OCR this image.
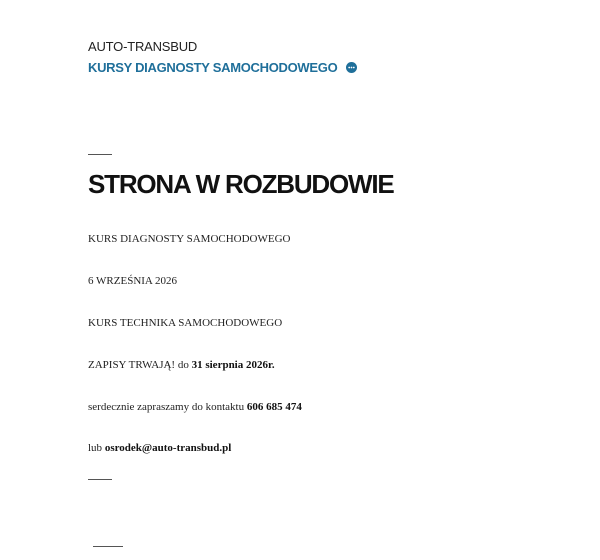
AUTO-TRANSBUD
KURSY DIAGNOSTY SAMOCHODOWEGO
STRONA W ROZBUDOWIE

KURS DIAGNOSTY SAMOCHODOWEGO

6 WRZEŚNIA 2026

KURS TECHNIKA SAMOCHODOWEGO

ZAPISY TRWAJĄ! do 31 sierpnia 2026r.

serdecznie zapraszamy do kontaktu 606 685 474

lub osrodek@auto-transbud.pl
